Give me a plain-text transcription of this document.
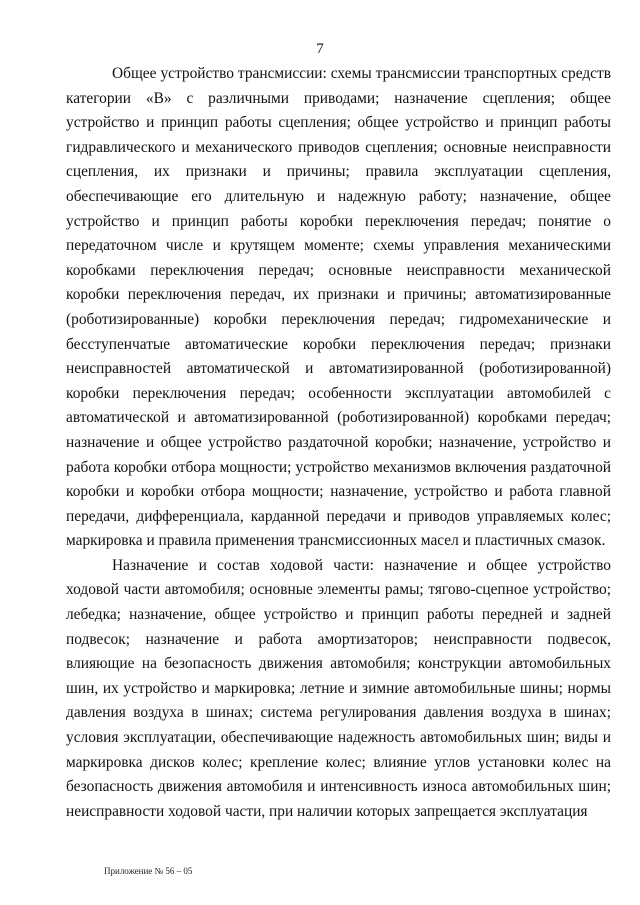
7

Общее устройство трансмиссии: схемы трансмиссии транспортных средств категории «В» с различными приводами; назначение сцепления; общее устройство и принцип работы сцепления; общее устройство и принцип работы гидравлического и механического приводов сцепления; основные неисправности сцепления, их признаки и причины; правила эксплуатации сцепления, обеспечивающие его длительную и надежную работу; назначение, общее устройство и принцип работы коробки переключения передач; понятие о передаточном числе и крутящем моменте; схемы управления механическими коробками переключения передач; основные неисправности механической коробки переключения передач, их признаки и причины; автоматизированные (роботизированные) коробки переключения передач; гидромеханические и бесступенчатые автоматические коробки переключения передач; признаки неисправностей автоматической и автоматизированной (роботизированной) коробки переключения передач; особенности эксплуатации автомобилей с автоматической и автоматизированной (роботизированной) коробками передач; назначение и общее устройство раздаточной коробки; назначение, устройство и работа коробки отбора мощности; устройство механизмов включения раздаточной коробки и коробки отбора мощности; назначение, устройство и работа главной передачи, дифференциала, карданной передачи и приводов управляемых колес; маркировка и правила применения трансмиссионных масел и пластичных смазок.

Назначение и состав ходовой части: назначение и общее устройство ходовой части автомобиля; основные элементы рамы; тягово-сцепное устройство; лебедка; назначение, общее устройство и принцип работы передней и задней подвесок; назначение и работа амортизаторов; неисправности подвесок, влияющие на безопасность движения автомобиля; конструкции автомобильных шин, их устройство и маркировка; летние и зимние автомобильные шины; нормы давления воздуха в шинах; система регулирования давления воздуха в шинах; условия эксплуатации, обеспечивающие надежность автомобильных шин; виды и маркировка дисков колес; крепление колес; влияние углов установки колес на безопасность движения автомобиля и интенсивность износа автомобильных шин; неисправности ходовой части, при наличии которых запрещается эксплуатация

Приложение № 56 – 05
